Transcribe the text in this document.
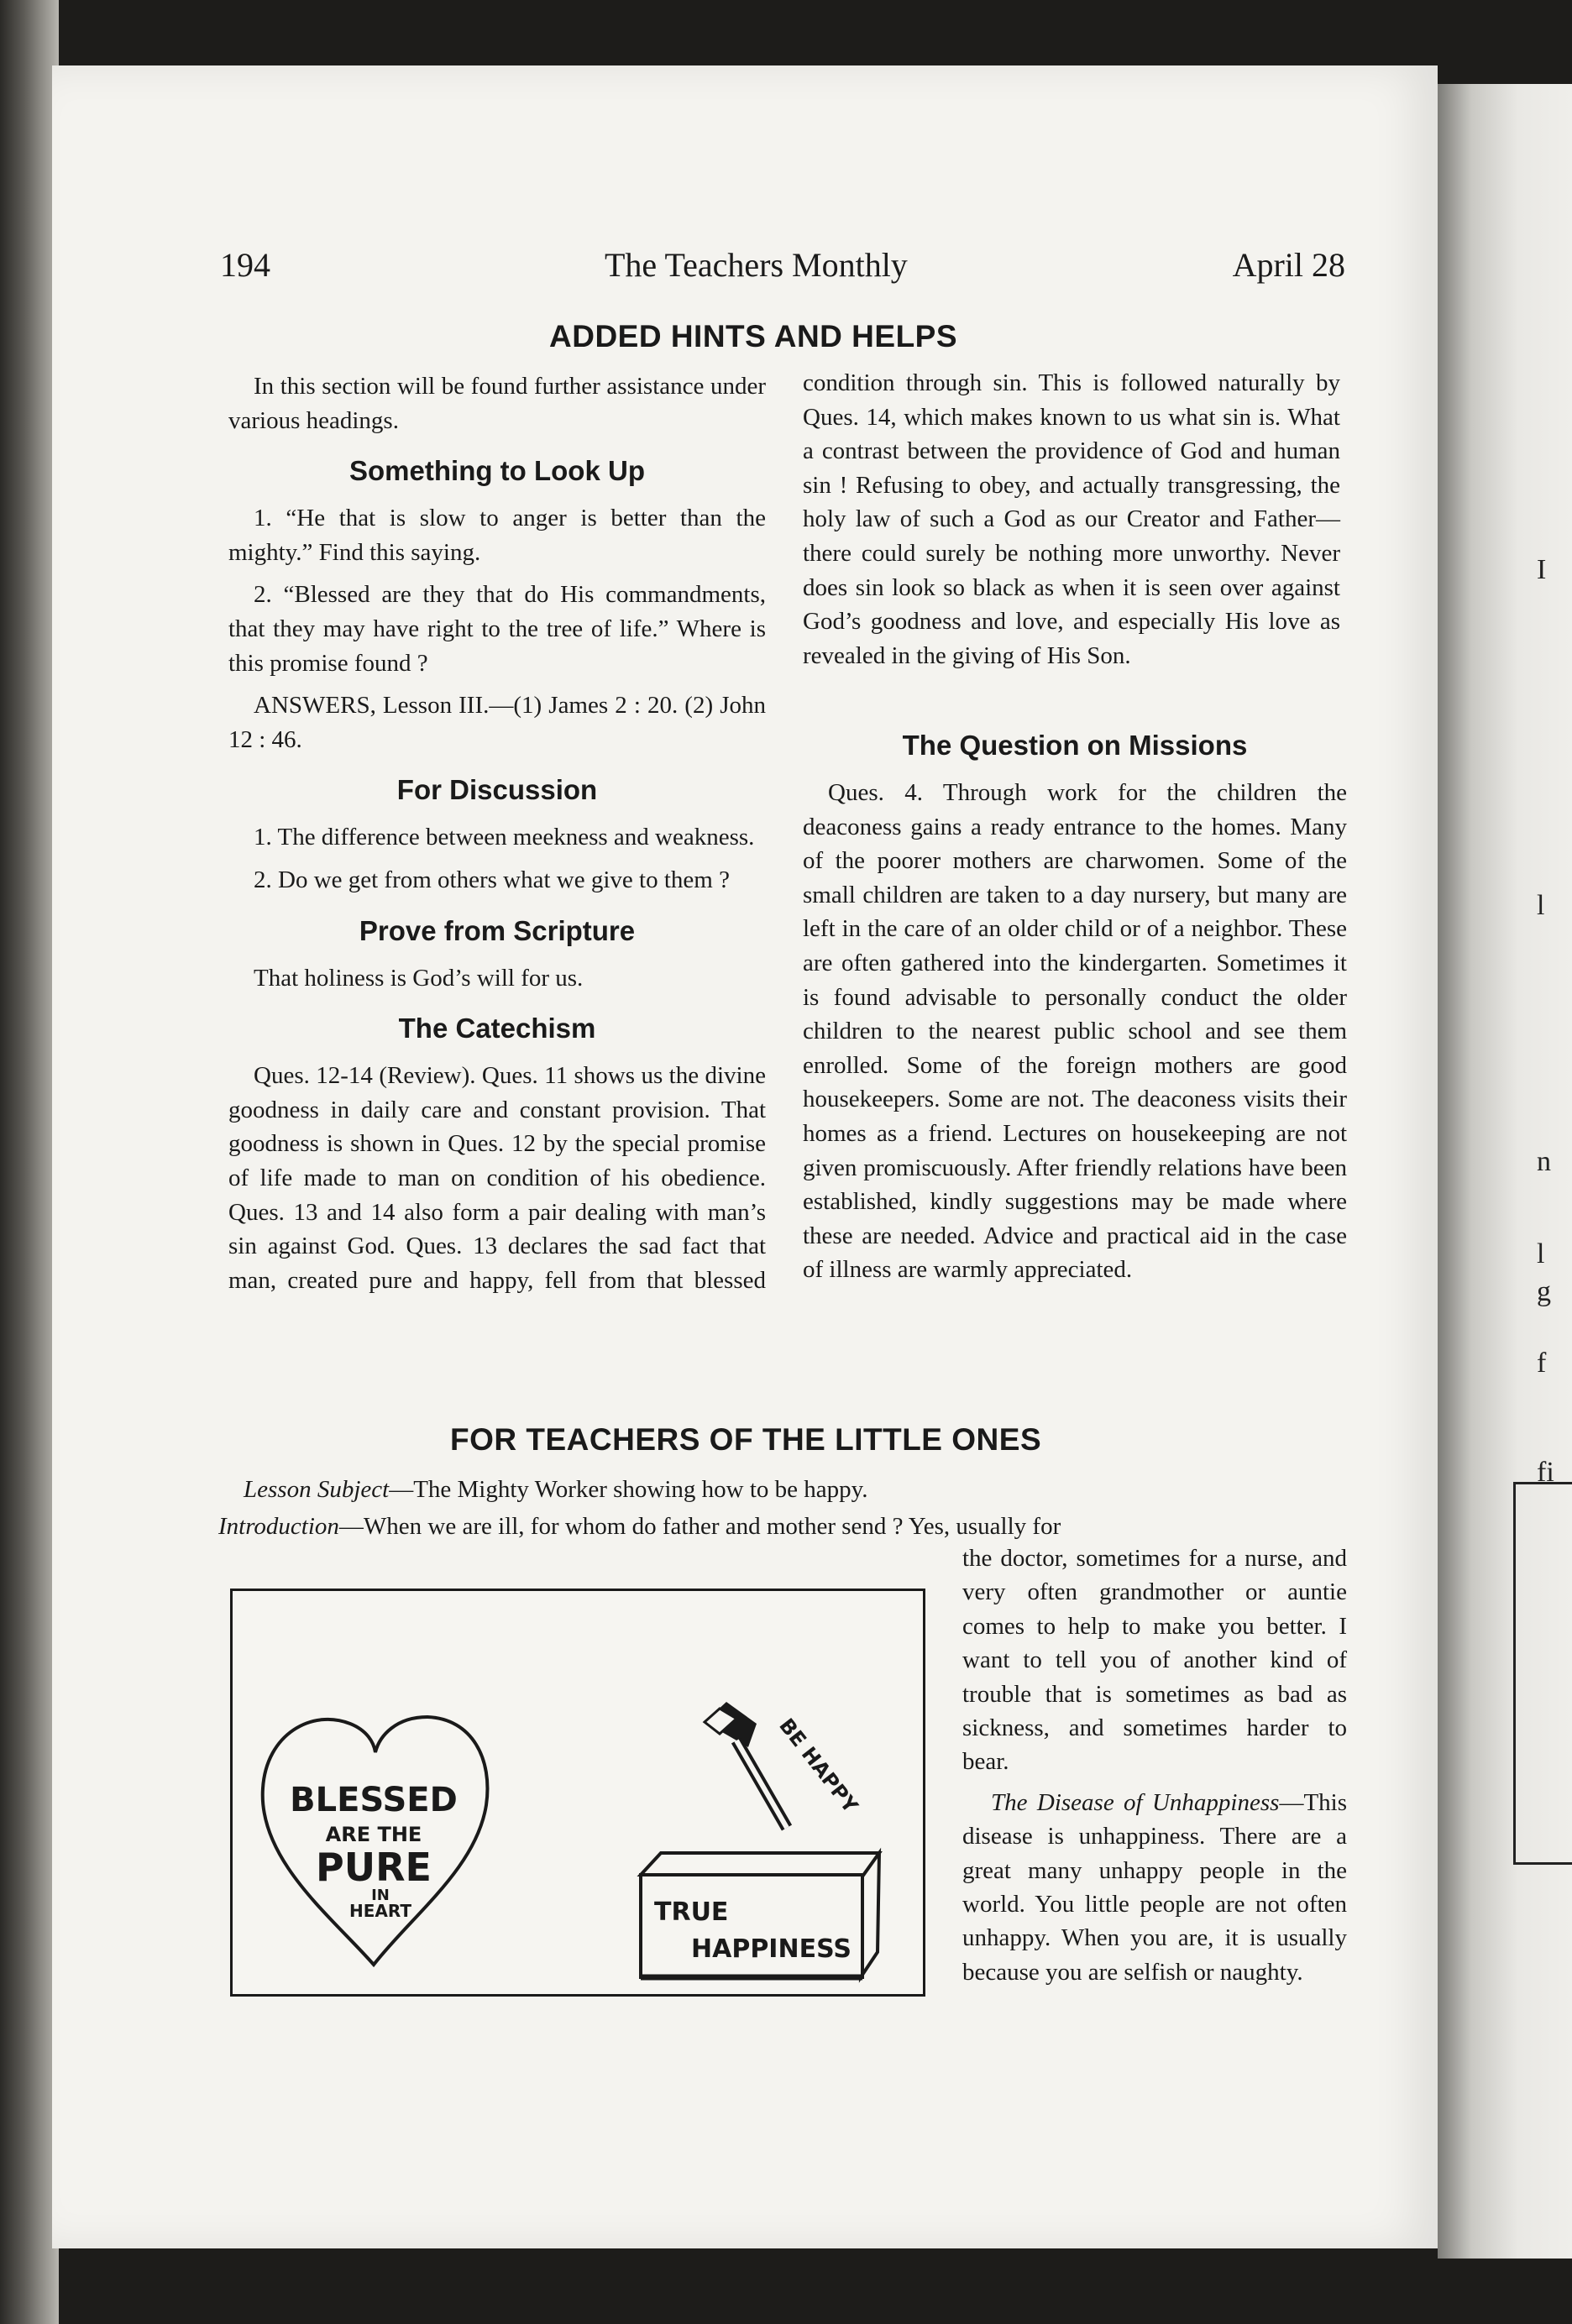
I
l
n
l
g
f
fi
194	The Teachers Monthly	April 28
ADDED HINTS AND HELPS

In this section will be found further assistance under various headings.

Something to Look Up

1. “He that is slow to anger is better than the mighty.” Find this saying.

2. “Blessed are they that do His commandments, that they may have right to the tree of life.” Where is this promise found ?

ANSWERS, Lesson III.—(1) James 2 : 20. (2) John 12 : 46.

For Discussion

1. The difference between meekness and weakness.

2. Do we get from others what we give to them ?

Prove from Scripture

That holiness is God’s will for us.

The Catechism

Ques. 12-14 (Review). Ques. 11 shows us the divine goodness in daily care and constant provision. That goodness is shown in Ques. 12 by the special promise of life made to man on condition of his obedience. Ques. 13 and 14 also form a pair dealing with man’s sin against God. Ques. 13 declares the sad fact that man, created pure and happy, fell from that blessed

condition through sin. This is followed naturally by Ques. 14, which makes known to us what sin is. What a contrast between the providence of God and human sin ! Refusing to obey, and actually transgressing, the holy law of such a God as our Creator and Father—there could surely be nothing more unworthy. Never does sin look so black as when it is seen over against God’s goodness and love, and especially His love as revealed in the giving of His Son.

The Question on Missions

Ques. 4. Through work for the children the deaconess gains a ready entrance to the homes. Many of the poorer mothers are charwomen. Some of the small children are taken to a day nursery, but many are left in the care of an older child or of a neighbor. These are often gathered into the kindergarten. Sometimes it is found advisable to personally conduct the older children to the nearest public school and see them enrolled. Some of the foreign mothers are good housekeepers. Some are not. The deaconess visits their homes as a friend. Lectures on housekeeping are not given promiscuously. After friendly relations have been established, kindly suggestions may be made where these are needed. Advice and practical aid in the case of illness are warmly appreciated.

FOR TEACHERS OF THE LITTLE ONES

Lesson Subject—The Mighty Worker showing how to be happy.

Introduction—When we are ill, for whom do father and mother send ? Yes, usually for

BLESSED
ARE THE
PURE
IN
HEART
BE HAPPY
TRUE
HAPPINESS

the doctor, sometimes for a nurse, and very often grandmother or auntie comes to help to make you better. I want to tell you of another kind of trouble that is sometimes as bad as sickness, and sometimes harder to bear.

The Disease of Unhappiness—This disease is unhappiness. There are a great many unhappy people in the world. You little people are not often unhappy. When you are, it is usually because you are selfish or naughty.
